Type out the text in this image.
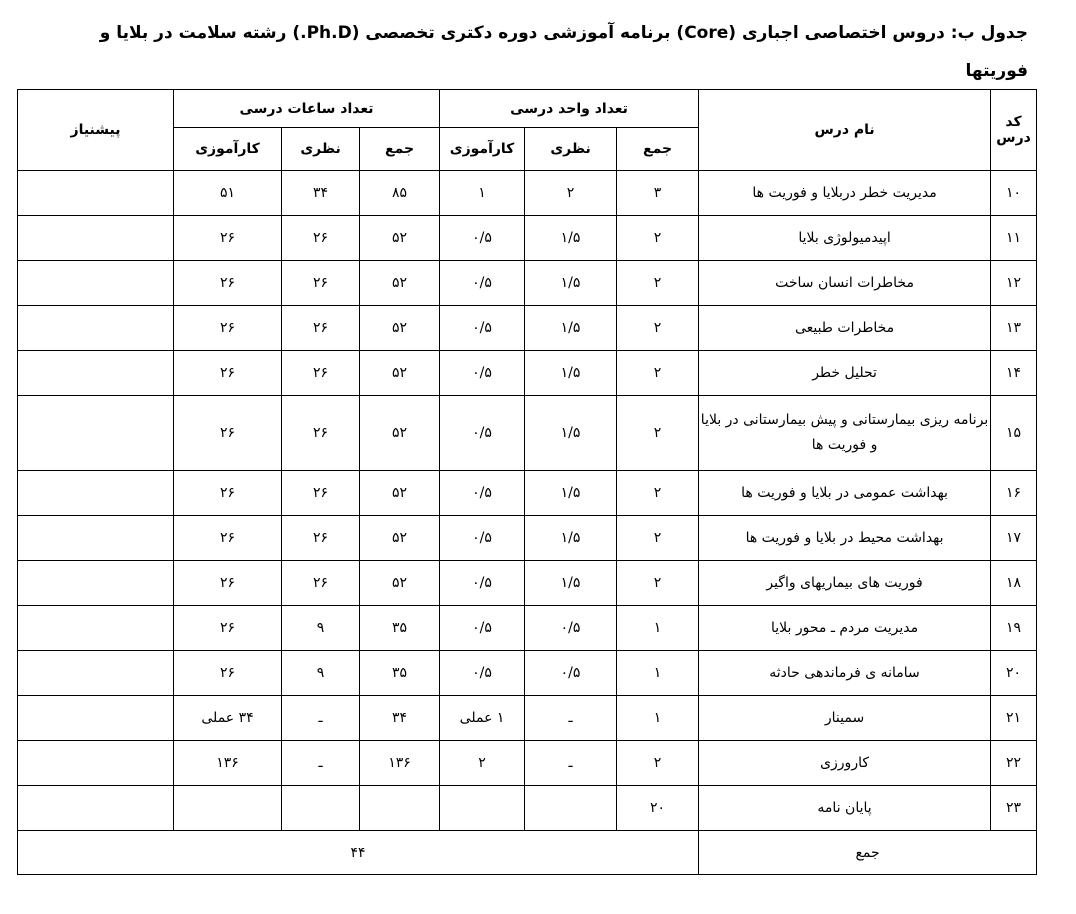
جدول ب: دروس اختصاصی اجباری (Core) برنامه آموزشی دوره دکتری تخصصی (Ph.D.) رشته سلامت در بلایا و فوریتها
کد درس	نام درس	تعداد واحد درسی			تعداد ساعات درسی			پیشنیاز
		جمع	نظری	کارآموزی	جمع	نظری	کارآموزی	
۱۰	مدیریت خطر دربلایا و فوریت ها	۳	۲	۱	۸۵	۳۴	۵۱	
۱۱	اپیدمیولوژی بلایا	۲	۱/۵	۰/۵	۵۲	۲۶	۲۶	
۱۲	مخاطرات انسان ساخت	۲	۱/۵	۰/۵	۵۲	۲۶	۲۶	
۱۳	مخاطرات طبیعی	۲	۱/۵	۰/۵	۵۲	۲۶	۲۶	
۱۴	تحلیل خطر	۲	۱/۵	۰/۵	۵۲	۲۶	۲۶	
۱۵	برنامه ریزی بیمارستانی و پیش بیمارستانی در بلایا و فوریت ها	۲	۱/۵	۰/۵	۵۲	۲۶	۲۶	
۱۶	بهداشت عمومی در بلایا و فوریت ها	۲	۱/۵	۰/۵	۵۲	۲۶	۲۶	
۱۷	بهداشت محیط در بلایا و فوریت ها	۲	۱/۵	۰/۵	۵۲	۲۶	۲۶	
۱۸	فوریت های بیماریهای واگیر	۲	۱/۵	۰/۵	۵۲	۲۶	۲۶	
۱۹	مدیریت مردم ـ محور بلایا	۱	۰/۵	۰/۵	۳۵	۹	۲۶	
۲۰	سامانه ی فرماندهی حادثه	۱	۰/۵	۰/۵	۳۵	۹	۲۶	
۲۱	سمینار	۱	ـ	۱ عملی	۳۴	ـ	۳۴ عملی	
۲۲	کارورزی	۲	ـ	۲	۱۳۶	ـ	۱۳۶	
۲۳	پایان نامه	۲۰						
جمع		۴۴						
